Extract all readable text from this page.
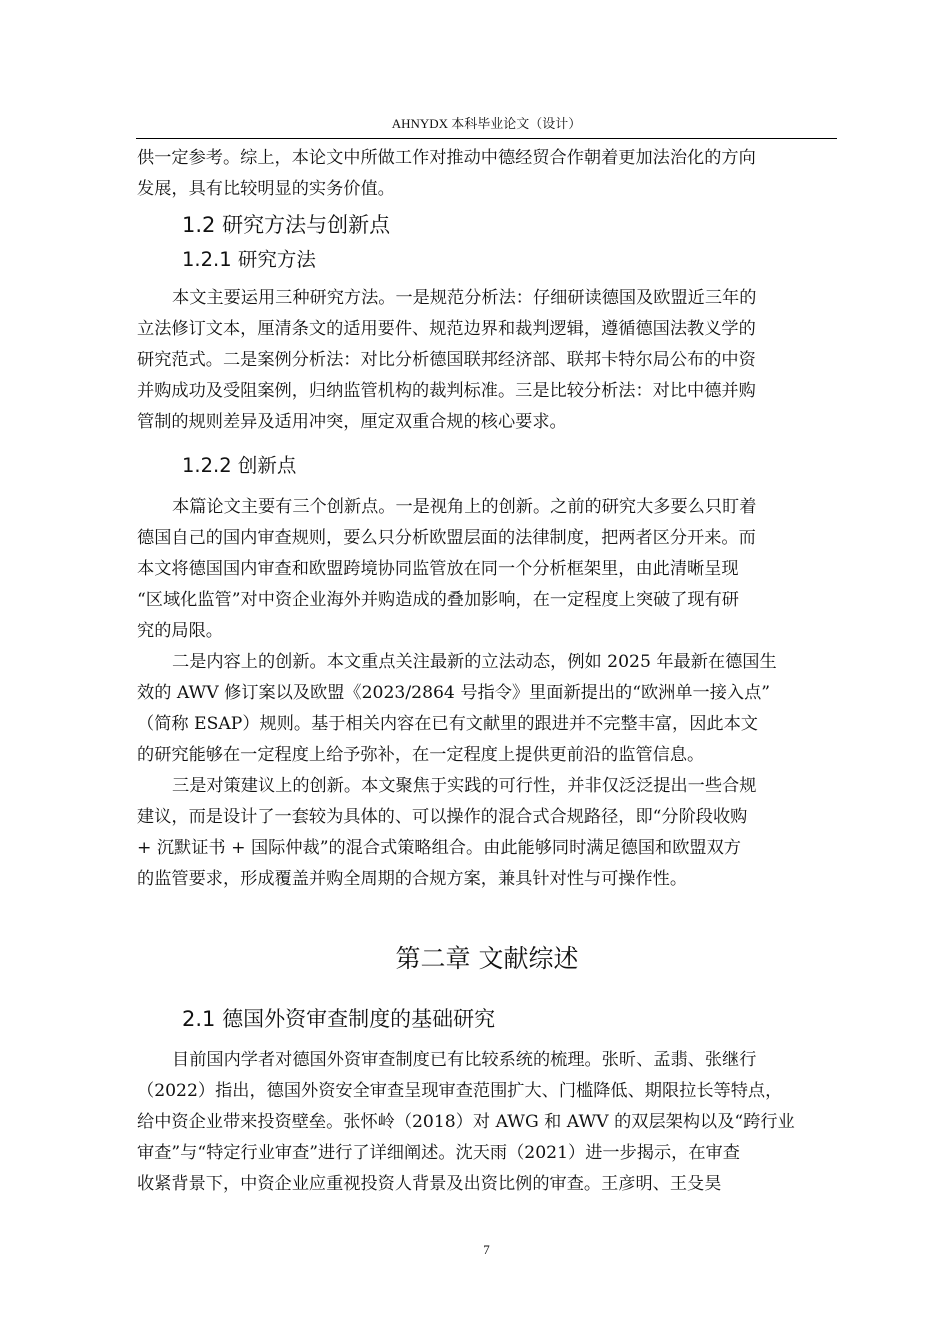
AHNYDX 本科毕业论文（设计）

供一定参考。综上，本论文中所做工作对推动中德经贸合作朝着更加法治化的方向
发展，具有比较明显的实务价值。

1.2 研究方法与创新点
1.2.1 研究方法

本文主要运用三种研究方法。一是规范分析法：仔细研读德国及欧盟近三年的
立法修订文本，厘清条文的适用要件、规范边界和裁判逻辑，遵循德国法教义学的
研究范式。二是案例分析法：对比分析德国联邦经济部、联邦卡特尔局公布的中资
并购成功及受阻案例，归纳监管机构的裁判标准。三是比较分析法：对比中德并购
管制的规则差异及适用冲突，厘定双重合规的核心要求。

1.2.2 创新点

本篇论文主要有三个创新点。一是视角上的创新。之前的研究大多要么只盯着
德国自己的国内审查规则，要么只分析欧盟层面的法律制度，把两者区分开来。而
本文将德国国内审查和欧盟跨境协同监管放在同一个分析框架里，由此清晰呈现
“区域化监管”对中资企业海外并购造成的叠加影响，在一定程度上突破了现有研
究的局限。

二是内容上的创新。本文重点关注最新的立法动态，例如 2025 年最新在德国生
效的 AWV 修订案以及欧盟《2023/2864 号指令》里面新提出的“欧洲单一接入点”
（简称 ESAP）规则。基于相关内容在已有文献里的跟进并不完整丰富，因此本文
的研究能够在一定程度上给予弥补，在一定程度上提供更前沿的监管信息。

三是对策建议上的创新。本文聚焦于实践的可行性，并非仅泛泛提出一些合规
建议，而是设计了一套较为具体的、可以操作的混合式合规路径，即“分阶段收购
+ 沉默证书 + 国际仲裁”的混合式策略组合。由此能够同时满足德国和欧盟双方
的监管要求，形成覆盖并购全周期的合规方案，兼具针对性与可操作性。

第二章 文献综述
2.1 德国外资审查制度的基础研究

目前国内学者对德国外资审查制度已有比较系统的梳理。张昕、孟翡、张继行
（2022）指出，德国外资安全审查呈现审查范围扩大、门槛降低、期限拉长等特点，
给中资企业带来投资壁垒。张怀岭（2018）对 AWG 和 AWV 的双层架构以及“跨行业
审查”与“特定行业审查”进行了详细阐述。沈天雨（2021）进一步揭示，在审查
收紧背景下，中资企业应重视投资人背景及出资比例的审查。王彦明、王殳昊

7
